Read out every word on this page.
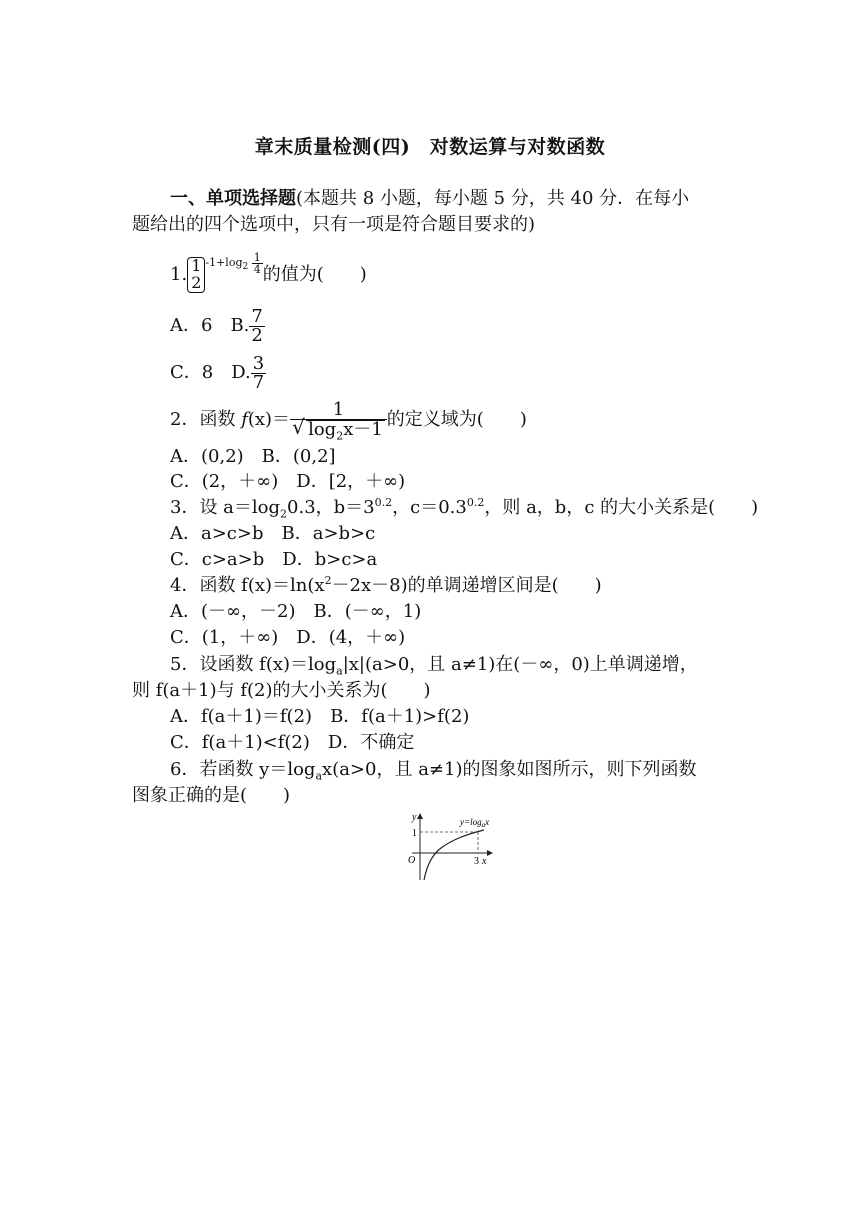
章末质量检测(四)　对数运算与对数函数
一、单项选择题(本题共 8 小题，每小题 5 分，共 40 分．在每小
题给出的四个选项中，只有一项是符合题目要求的)
1. 1
2
$^{-1+log_2 \frac{1}{4}}$ 的值为(　　)
A．6　 B. $\frac{7}{2}$
C．8　 D. $\frac{3}{7}$
2．函数 f(x)＝ 1
√ $\log_2x-1$ 的定义域为(　　)
A．(0,2)　 B．(0,2]
C．(2，＋∞)　 D．[2，＋∞)
3．设 $a=\log_20.3$，$b=3^{0.2}$，$c=0.3^{0.2}$，则 a，b，c 的大小关系是(　　)
A．a>c>b　 B．a>b>c
C．c>a>b　 D．b>c>a
4．函数 $f(x)=\ln(x^2-2x-8)$的单调递增区间是(　　)
A．(－∞，－2)　 B．(－∞，1)
C．(1，＋∞)　 D．(4，＋∞)
5．设函数 $f(x)=\log_a|x|(a>0$，且 a≠1)在(－∞，0)上单调递增，
则 f(a＋1)与 f(2)的大小关系为(　　)
A．f(a＋1)＝f(2)　 B．f(a＋1)>f(2)
C．f(a＋1)<f(2)　 D．不确定
6．若函数 $y=\log_ax(a>0$，且 a≠1)的图象如图所示，则下列函数
图象正确的是(　　)
y
x
O
1
3
$y=\log_ax$
